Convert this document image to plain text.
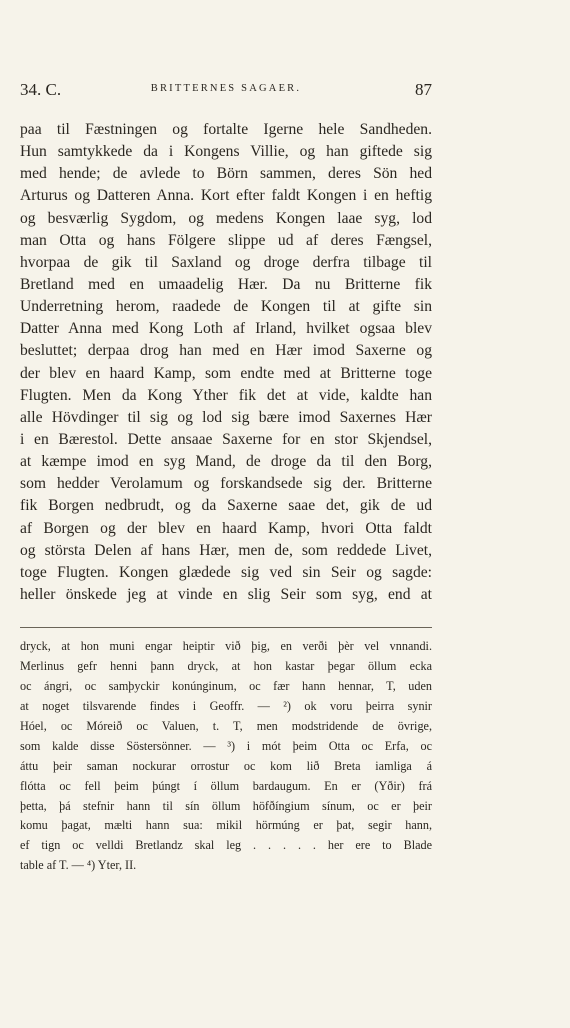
34. C.	BRITTERNES SAGAER.	87
paa til Fæstningen og fortalte Igerne hele Sandheden.
Hun samtykkede da i Kongens Villie, og han giftede sig
med hende; de avlede to Börn sammen, deres Sön hed
Arturus og Datteren Anna. Kort efter faldt Kongen i en heftig
og besværlig Sygdom, og medens Kongen laae syg, lod
man Otta og hans Fölgere slippe ud af deres Fængsel,
hvorpaa de gik til Saxland og droge derfra tilbage til
Bretland med en umaadelig Hær. Da nu Britterne fik
Underretning herom, raadede de Kongen til at gifte sin
Datter Anna med Kong Loth af Irland, hvilket ogsaa blev
besluttet; derpaa drog han med en Hær imod Saxerne og
der blev en haard Kamp, som endte med at Britterne toge
Flugten. Men da Kong Yther fik det at vide, kaldte han
alle Hövdinger til sig og lod sig bære imod Saxernes Hær
i en Bærestol. Dette ansaae Saxerne for en stor Skjendsel,
at kæmpe imod en syg Mand, de droge da til den Borg,
som hedder Verolamum og forskandsede sig der. Britterne
fik Borgen nedbrudt, og da Saxerne saae det, gik de ud
af Borgen og der blev en haard Kamp, hvori Otta faldt
og största Delen af hans Hær, men de, som reddede Livet,
toge Flugten. Kongen glædede sig ved sin Seir og sagde:
heller önskede jeg at vinde en slig Seir som syg, end at
dryck, at hon muni engar heiptir við þig, en verði þèr vel vnnandi.
Merlinus gefr henni þann dryck, at hon kastar þegar öllum ecka
oc ángri, oc samþyckir konúnginum, oc fær hann hennar, T, uden
at noget tilsvarende findes i Geoffr. — ²) ok voru þeirra synir
Hóel, oc Móreið oc Valuen, t. T, men modstridende de övrige,
som kalde disse Söstersönner. — ³) i mót þeim Otta oc Erfa, oc
áttu þeir saman nockurar orrostur oc kom lið Breta iamliga á
flótta oc fell þeim þúngt í öllum bardaugum. En er (Yðir) frá
þetta, þá stefnir hann til sín öllum höfðíngium sínum, oc er þeir
komu þagat, mælti hann sua: mikil hörmúng er þat, segir hann,
ef tign oc velldi Bretlandz skal leg . . . . . her ere to Blade
table af T. — ⁴) Yter, II.
